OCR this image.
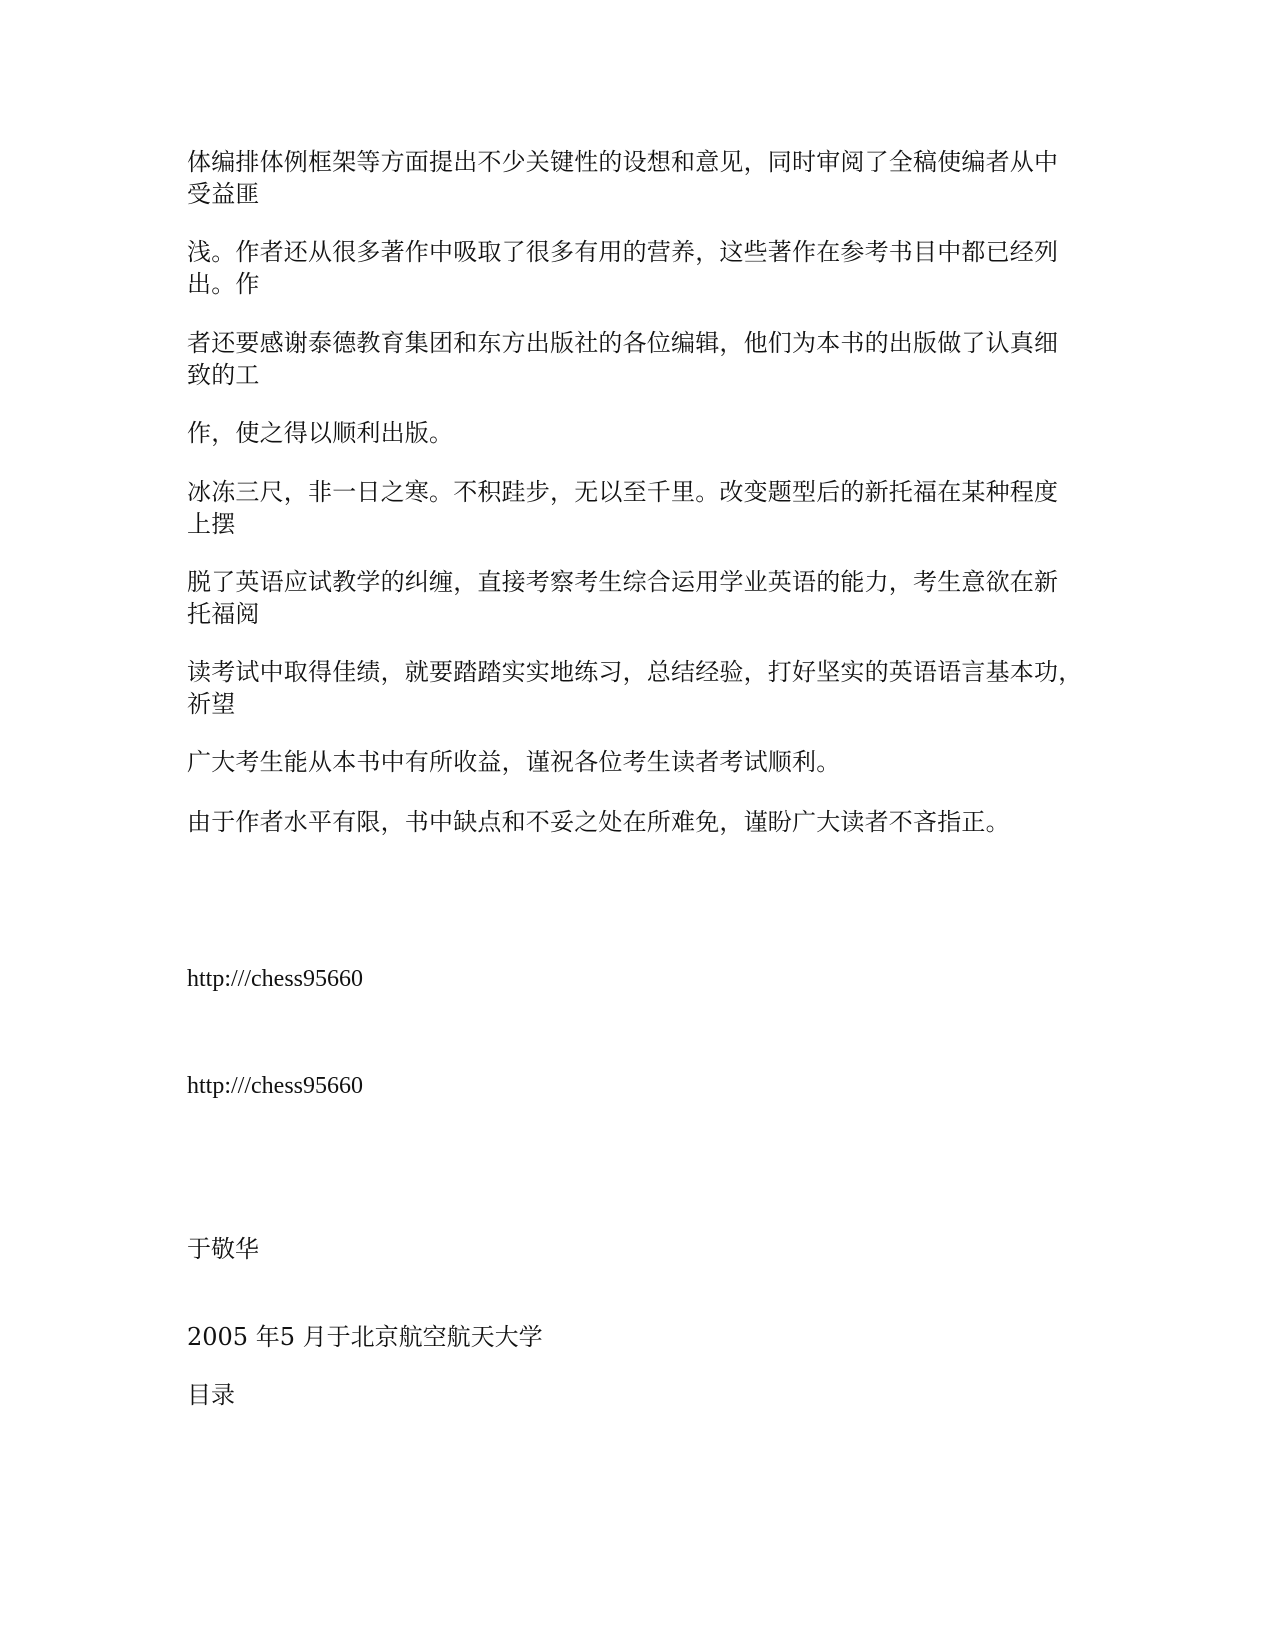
体编排体例框架等方面提出不少关键性的设想和意见，同时审阅了全稿使编者从中
受益匪

浅。作者还从很多著作中吸取了很多有用的营养，这些著作在参考书目中都已经列
出。作

者还要感谢泰德教育集团和东方出版社的各位编辑，他们为本书的出版做了认真细
致的工

作，使之得以顺利出版。

冰冻三尺，非一日之寒。不积跬步，无以至千里。改变题型后的新托福在某种程度
上摆

脱了英语应试教学的纠缠，直接考察考生综合运用学业英语的能力，考生意欲在新
托福阅

读考试中取得佳绩，就要踏踏实实地练习，总结经验，打好坚实的英语语言基本功，
祈望

广大考生能从本书中有所收益，谨祝各位考生读者考试顺利。

由于作者水平有限，书中缺点和不妥之处在所难免，谨盼广大读者不吝指正。

http:///chess95660

http:///chess95660

于敬华

2005 年5 月于北京航空航天大学

目录
